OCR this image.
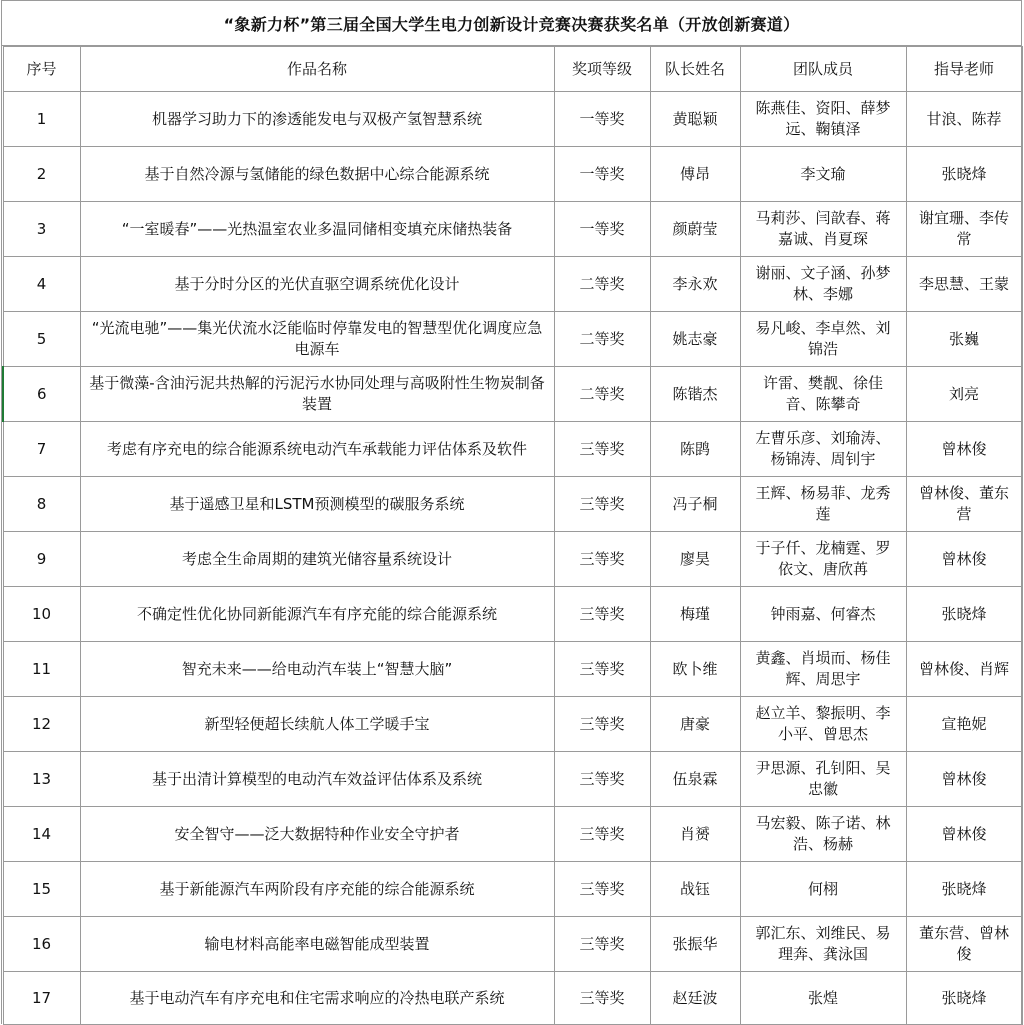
“象新力杯”第三届全国大学生电力创新设计竞赛决赛获奖名单（开放创新赛道）
序号	作品名称	奖项等级	队长姓名	团队成员	指导老师
1	机器学习助力下的渗透能发电与双极产氢智慧系统	一等奖	黄聪颖	陈燕佳、资阳、薛梦远、鞠镇泽	甘浪、陈荐
2	基于自然冷源与氢储能的绿色数据中心综合能源系统	一等奖	傅昂	李文瑜	张晓烽
3	“一室暖春”——光热温室农业多温同储相变填充床储热装备	一等奖	颜蔚莹	马莉莎、闫歆春、蒋嘉诚、肖夏琛	谢宜珊、李传常
4	基于分时分区的光伏直驱空调系统优化设计	二等奖	李永欢	谢丽、文子涵、孙梦林、李娜	李思慧、王蒙
5	“光流电驰”——集光伏流水泛能临时停靠发电的智慧型优化调度应急电源车	二等奖	姚志豪	易凡峻、李卓然、刘锦浩	张巍
6	基于微藻-含油污泥共热解的污泥污水协同处理与高吸附性生物炭制备装置	二等奖	陈锴杰	许雷、樊靓、徐佳音、陈攀奇	刘亮
7	考虑有序充电的综合能源系统电动汽车承载能力评估体系及软件	三等奖	陈鹍	左曹乐彦、刘瑜涛、杨锦涛、周钊宇	曾林俊
8	基于遥感卫星和LSTM预测模型的碳服务系统	三等奖	冯子桐	王辉、杨易菲、龙秀莲	曾林俊、董东营
9	考虑全生命周期的建筑光储容量系统设计	三等奖	廖昊	于子仟、龙楠霆、罗依文、唐欣苒	曾林俊
10	不确定性优化协同新能源汽车有序充能的综合能源系统	三等奖	梅瑾	钟雨嘉、何睿杰	张晓烽
11	智充未来——给电动汽车装上“智慧大脑”	三等奖	欧卜维	黄鑫、肖埙而、杨佳辉、周思宇	曾林俊、肖辉
12	新型轻便超长续航人体工学暖手宝	三等奖	唐豪	赵立羊、黎振明、李小平、曾思杰	宣艳妮
13	基于出清计算模型的电动汽车效益评估体系及系统	三等奖	伍泉霖	尹思源、孔钊阳、吴忠徽	曾林俊
14	安全智守——泛大数据特种作业安全守护者	三等奖	肖赟	马宏毅、陈子诺、林浩、杨赫	曾林俊
15	基于新能源汽车两阶段有序充能的综合能源系统	三等奖	战钰	何栩	张晓烽
16	输电材料高能率电磁智能成型装置	三等奖	张振华	郭汇东、刘维民、易理奔、龚泳国	董东营、曾林俊
17	基于电动汽车有序充电和住宅需求响应的冷热电联产系统	三等奖	赵廷波	张煌	张晓烽
